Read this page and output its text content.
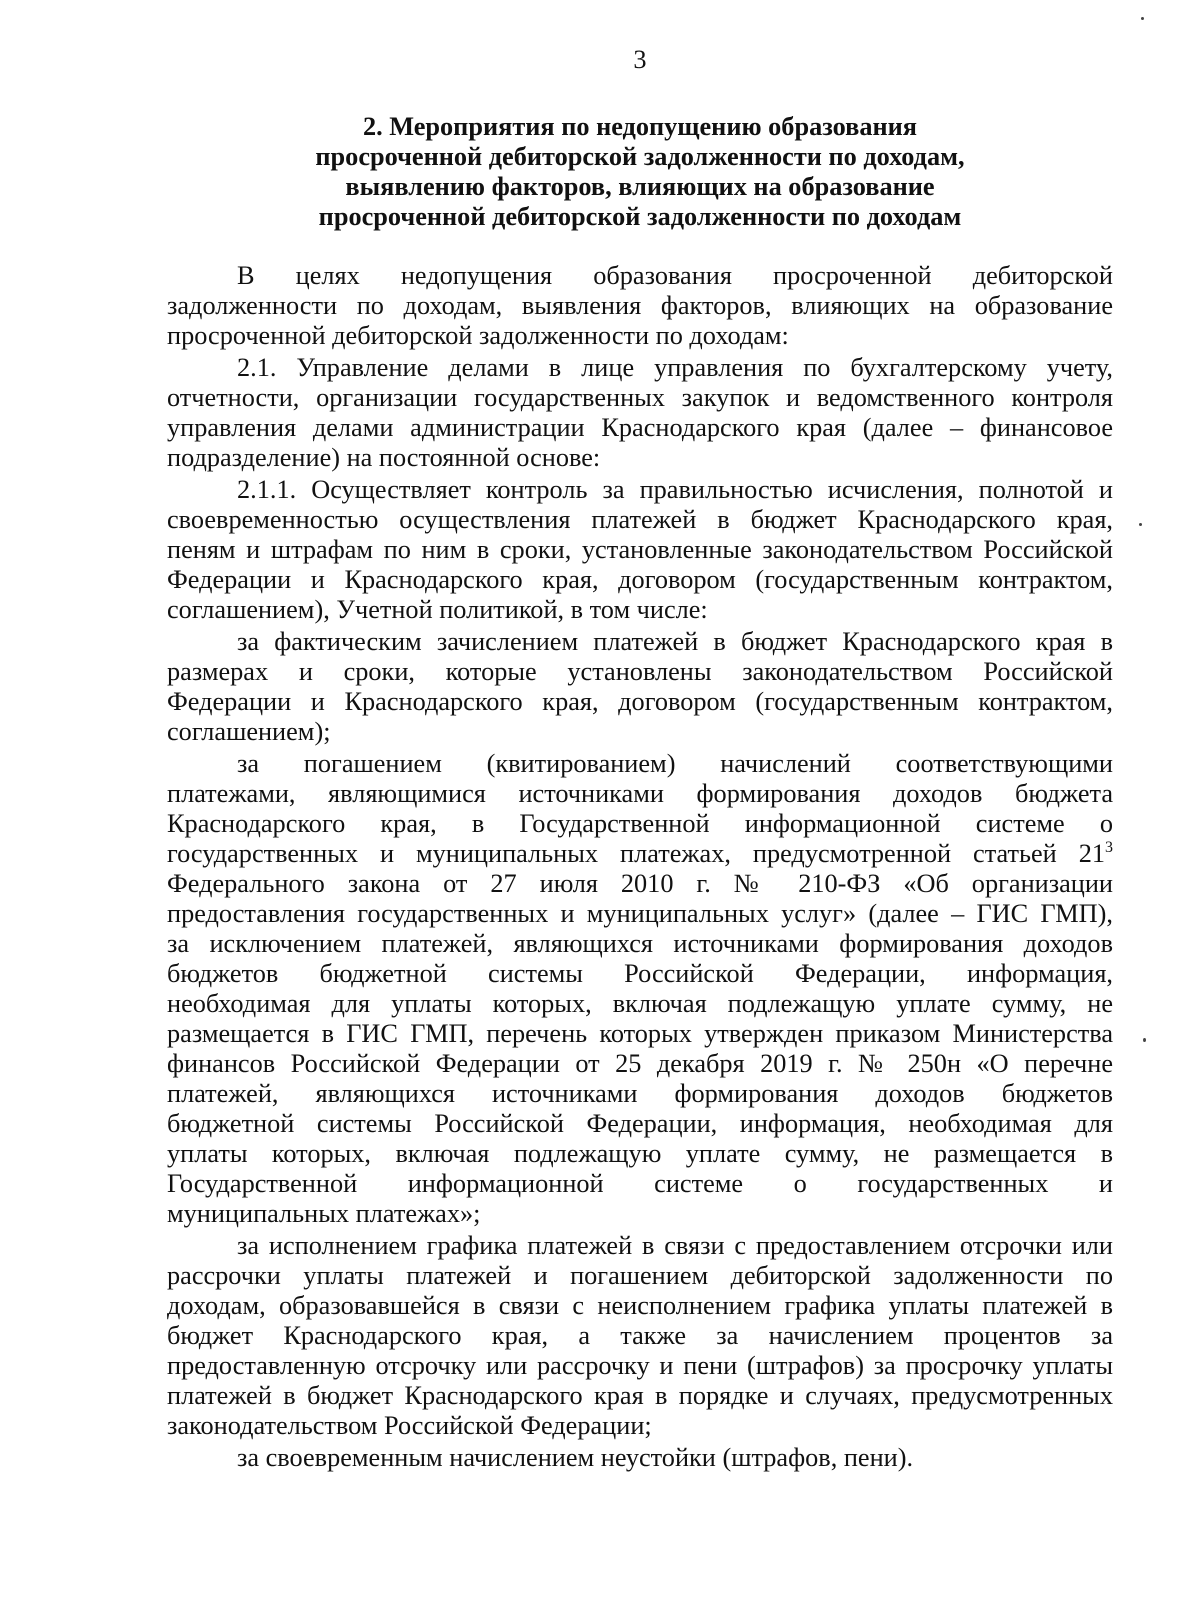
3
2. Мероприятия по недопущению образования
просроченной дебиторской задолженности по доходам,
выявлению факторов, влияющих на образование
просроченной дебиторской задолженности по доходам
В целях недопущения образования просроченной дебиторской
задолженности по доходам, выявления факторов, влияющих на образование
просроченной дебиторской задолженности по доходам:
2.1. Управление делами в лице управления по бухгалтерскому учету,
отчетности, организации государственных закупок и ведомственного контроля
управления делами администрации Краснодарского края (далее – финансовое
подразделение) на постоянной основе:
2.1.1. Осуществляет контроль за правильностью исчисления, полнотой и
своевременностью осуществления платежей в бюджет Краснодарского края,
пеням и штрафам по ним в сроки, установленные законодательством Российской
Федерации и Краснодарского края, договором (государственным контрактом,
соглашением), Учетной политикой, в том числе:
за фактическим зачислением платежей в бюджет Краснодарского края в
размерах и сроки, которые установлены законодательством Российской
Федерации и Краснодарского края, договором (государственным контрактом,
соглашением);
за погашением (квитированием) начислений соответствующими
платежами, являющимися источниками формирования доходов бюджета
Краснодарского края, в Государственной информационной системе о
государственных и муниципальных платежах, предусмотренной статьей $21^3$
Федерального закона от 27 июля 2010 г. № 210-ФЗ «Об организации
предоставления государственных и муниципальных услуг» (далее – ГИС ГМП),
за исключением платежей, являющихся источниками формирования доходов
бюджетов бюджетной системы Российской Федерации, информация,
необходимая для уплаты которых, включая подлежащую уплате сумму, не
размещается в ГИС ГМП, перечень которых утвержден приказом Министерства
финансов Российской Федерации от 25 декабря 2019 г. № 250н «О перечне
платежей, являющихся источниками формирования доходов бюджетов
бюджетной системы Российской Федерации, информация, необходимая для
уплаты которых, включая подлежащую уплате сумму, не размещается в
Государственной информационной системе о государственных и
муниципальных платежах»;
за исполнением графика платежей в связи с предоставлением отсрочки или
рассрочки уплаты платежей и погашением дебиторской задолженности по
доходам, образовавшейся в связи с неисполнением графика уплаты платежей в
бюджет Краснодарского края, а также за начислением процентов за
предоставленную отсрочку или рассрочку и пени (штрафов) за просрочку уплаты
платежей в бюджет Краснодарского края в порядке и случаях, предусмотренных
законодательством Российской Федерации;
за своевременным начислением неустойки (штрафов, пени).
